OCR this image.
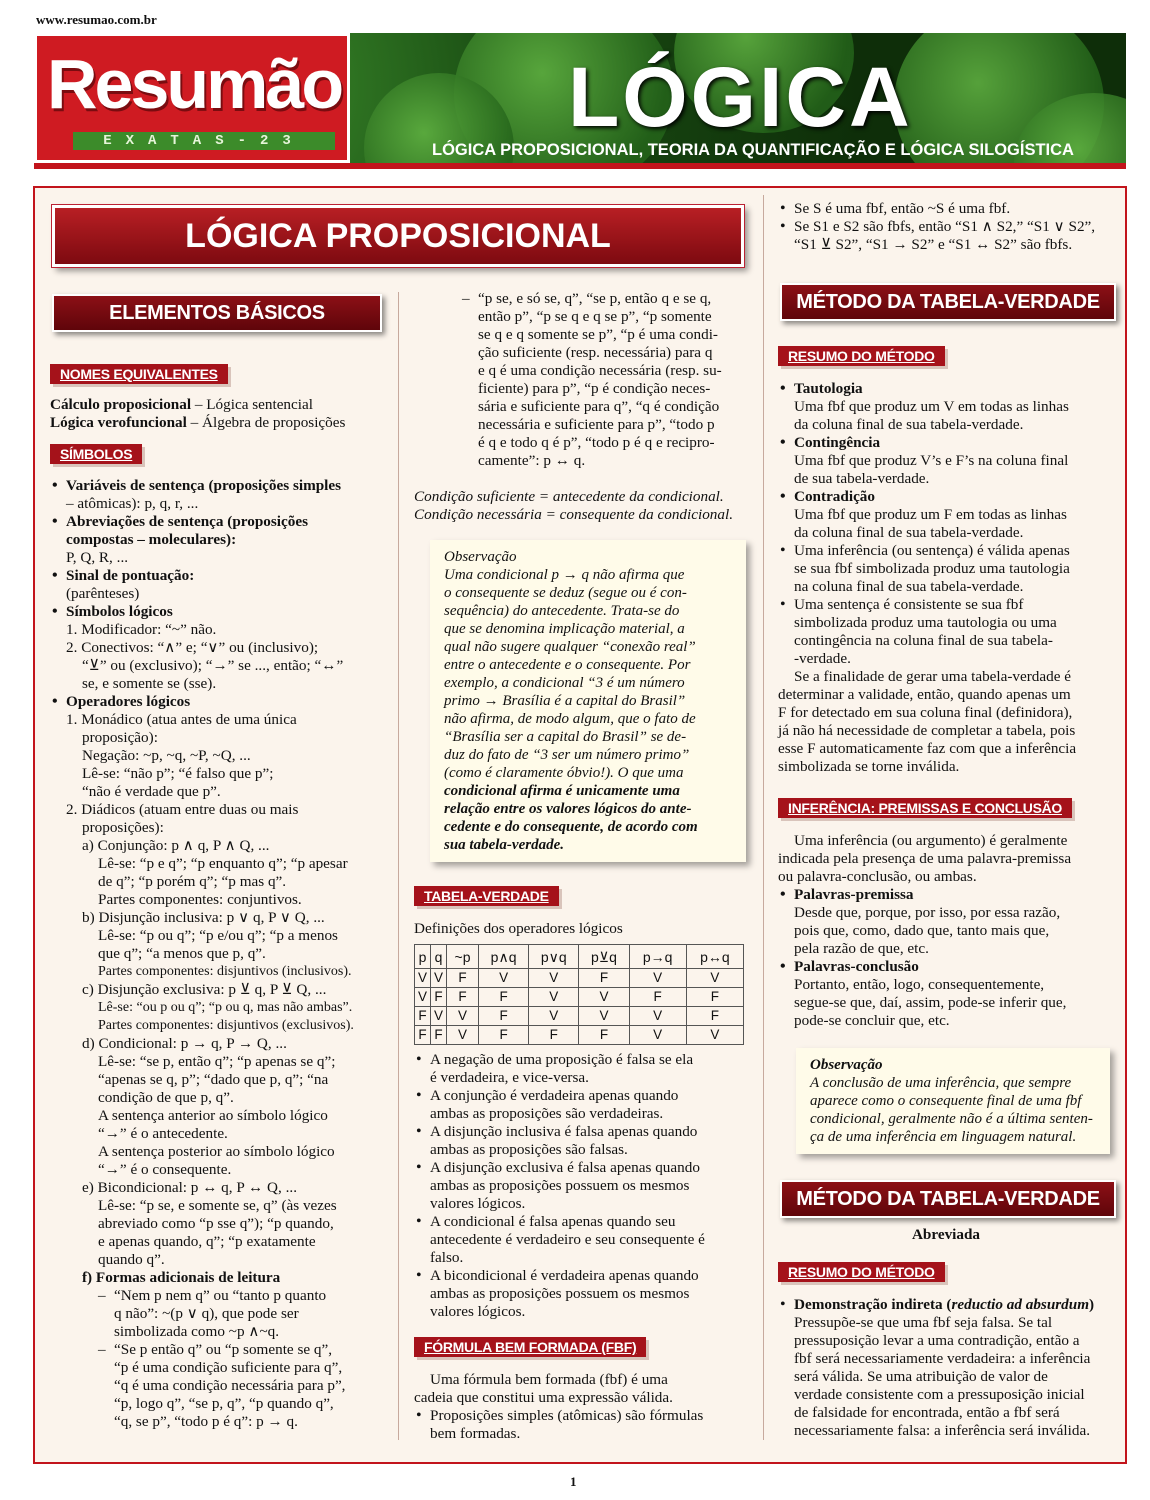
www.resumao.com.br
Resumão
EXATAS-23	LÓGICA
LÓGICA PROPOSICIONAL, TEORIA DA QUANTIFICAÇÃO E LÓGICA SILOGÍSTICA
LÓGICA PROPOSICIONAL
ELEMENTOS BÁSICOS
NOMES EQUIVALENTES

Cálculo proposicional – Lógica sentencial

Lógica verofuncional – Álgebra de proposições

SÍMBOLOS

• Variáveis de sentença (proposições simples

– atômicas): p, q, r, ...

• Abreviações de sentença (proposições

compostas – moleculares):

P, Q, R, ...

• Sinal de pontuação:

(parênteses)

• Símbolos lógicos

1. Modificador: “~” não.

2. Conectivos: “∧” e; “∨” ou (inclusivo);

“⊻” ou (exclusivo); “→” se ..., então; “↔”

se, e somente se (sse).

• Operadores lógicos

1. Monádico (atua antes de uma única

proposição):

Negação: ~p, ~q, ~P, ~Q, ...

Lê-se: “não p”; “é falso que p”;

“não é verdade que p”.

2. Diádicos (atuam entre duas ou mais

proposições):

a) Conjunção: p ∧ q, P ∧ Q, ...

Lê-se: “p e q”; “p enquanto q”; “p apesar

de q”; “p porém q”; “p mas q”.

Partes componentes: conjuntivos.

b) Disjunção inclusiva: p ∨ q, P ∨ Q, ...

Lê-se: “p ou q”; “p e/ou q”; “p a menos

que q”; “a menos que p, q”.

Partes componentes: disjuntivos (inclusivos).

c) Disjunção exclusiva: p ⊻ q, P ⊻ Q, ...

Lê-se: “ou p ou q”; “p ou q, mas não ambas”.

Partes componentes: disjuntivos (exclusivos).

d) Condicional: p → q, P → Q, ...

Lê-se: “se p, então q”; “p apenas se q”;

“apenas se q, p”; “dado que p, q”; “na

condição de que p, q”.

A sentença anterior ao símbolo lógico

“→” é o antecedente.

A sentença posterior ao símbolo lógico

“→” é o consequente.

e) Bicondicional: p ↔ q, P ↔ Q, ...

Lê-se: “p se, e somente se, q” (às vezes

abreviado como “p sse q”); “p quando,

e apenas quando, q”; “p exatamente

quando q”.

f) Formas adicionais de leitura

– “Nem p nem q” ou “tanto p quanto

q não”: ~(p ∨ q), que pode ser

simbolizada como ~p ∧~q.

– “Se p então q” ou “p somente se q”,

“p é uma condição suficiente para q”,

“q é uma condição necessária para p”,

“p, logo q”, “se p, q”, “p quando q”,

“q, se p”, “todo p é q”: p → q.

– “p se, e só se, q”, “se p, então q e se q,

então p”, “p se q e q se p”, “p somente

se q e q somente se p”, “p é uma condi-

ção suficiente (resp. necessária) para q

e q é uma condição necessária (resp. su-

ficiente) para p”, “p é condição neces-

sária e suficiente para q”, “q é condição

necessária e suficiente para p”, “todo p

é q e todo q é p”, “todo p é q e recipro-

camente”: p ↔ q.

Condição suficiente = antecedente da condicional.

Condição necessária = consequente da condicional.

Observação

Uma condicional p → q não afirma que

o consequente se deduz (segue ou é con-

sequência) do antecedente. Trata-se do

que se denomina implicação material, a

qual não sugere qualquer “conexão real”

entre o antecedente e o consequente. Por

exemplo, a condicional “3 é um número

primo → Brasília é a capital do Brasil”

não afirma, de modo algum, que o fato de

“Brasília ser a capital do Brasil” se de-

duz do fato de “3 ser um número primo”

(como é claramente óbvio!). O que uma

condicional afirma é unicamente uma

relação entre os valores lógicos do ante-

cedente e do consequente, de acordo com

sua tabela-verdade.

TABELA-VERDADE

Definições dos operadores lógicos

p	q	~p	p∧q	p∨q	p⊻q	p→q	p↔q
V	V	F	V	V	F	V	V
V	F	F	F	V	V	F	F
F	V	V	F	V	V	V	F
F	F	V	F	F	F	V	V

• A negação de uma proposição é falsa se ela

é verdadeira, e vice-versa.

• A conjunção é verdadeira apenas quando

ambas as proposições são verdadeiras.

• A disjunção inclusiva é falsa apenas quando

ambas as proposições são falsas.

• A disjunção exclusiva é falsa apenas quando

ambas as proposições possuem os mesmos

valores lógicos.

• A condicional é falsa apenas quando seu

antecedente é verdadeiro e seu consequente é

falso.

• A bicondicional é verdadeira apenas quando

ambas as proposições possuem os mesmos

valores lógicos.

FÓRMULA BEM FORMADA (FBF)

Uma fórmula bem formada (fbf) é uma

cadeia que constitui uma expressão válida.

• Proposições simples (atômicas) são fórmulas

bem formadas.

• Se S é uma fbf, então ~S é uma fbf.

• Se S1 e S2 são fbfs, então “S1 ∧ S2,” “S1 ∨ S2”,

“S1 ⊻ S2”, “S1 → S2” e “S1 ↔ S2” são fbfs.

MÉTODO DA TABELA-VERDADE
RESUMO DO MÉTODO

• Tautologia

Uma fbf que produz um V em todas as linhas

da coluna final de sua tabela-verdade.

• Contingência

Uma fbf que produz V’s e F’s na coluna final

de sua tabela-verdade.

• Contradição

Uma fbf que produz um F em todas as linhas

da coluna final de sua tabela-verdade.

• Uma inferência (ou sentença) é válida apenas

se sua fbf simbolizada produz uma tautologia

na coluna final de sua tabela-verdade.

• Uma sentença é consistente se sua fbf

simbolizada produz uma tautologia ou uma

contingência na coluna final de sua tabela-

-verdade.

Se a finalidade de gerar uma tabela-verdade é

determinar a validade, então, quando apenas um

F for detectado em sua coluna final (definidora),

já não há necessidade de completar a tabela, pois

esse F automaticamente faz com que a inferência

simbolizada se torne inválida.

INFERÊNCIA: PREMISSAS E CONCLUSÃO

Uma inferência (ou argumento) é geralmente

indicada pela presença de uma palavra-premissa

ou palavra-conclusão, ou ambas.

• Palavras-premissa

Desde que, porque, por isso, por essa razão,

pois que, como, dado que, tanto mais que,

pela razão de que, etc.

• Palavras-conclusão

Portanto, então, logo, consequentemente,

segue-se que, daí, assim, pode-se inferir que,

pode-se concluir que, etc.

Observação

A conclusão de uma inferência, que sempre

aparece como o consequente final de uma fbf

condicional, geralmente não é a última senten-

ça de uma inferência em linguagem natural.

MÉTODO DA TABELA-VERDADE

Abreviada

RESUMO DO MÉTODO

• Demonstração indireta (reductio ad absurdum)

Pressupõe-se que uma fbf seja falsa. Se tal

pressuposição levar a uma contradição, então a

fbf será necessariamente verdadeira: a inferência

será válida. Se uma atribuição de valor de

verdade consistente com a pressuposição inicial

de falsidade for encontrada, então a fbf será

necessariamente falsa: a inferência será inválida.

1
